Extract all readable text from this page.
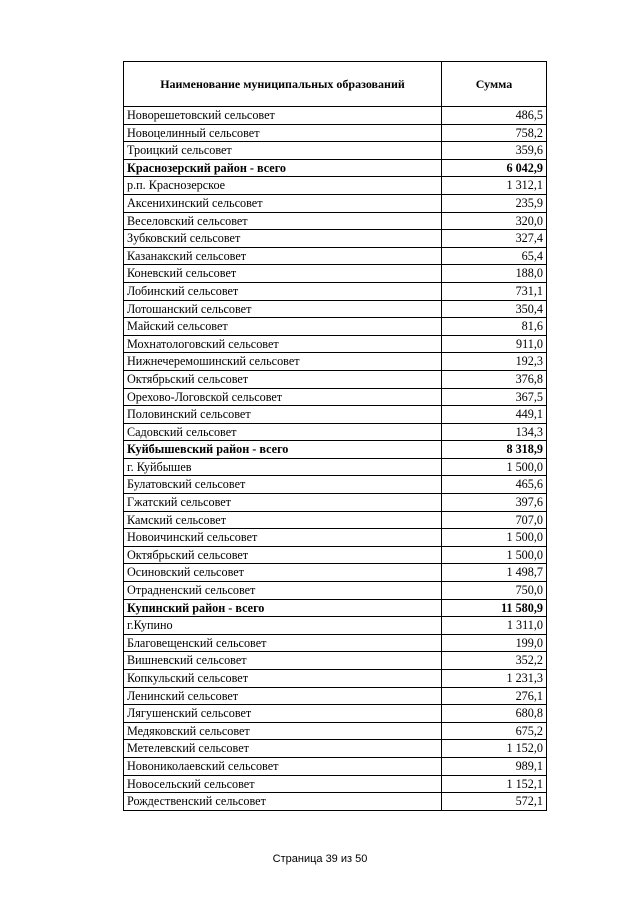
Наименование муниципальных образований	Сумма
Новорешетовский сельсовет	486,5
Новоцелинный сельсовет	758,2
Троицкий сельсовет	359,6
Краснозерский район - всего	6 042,9
р.п. Краснозерское	1 312,1
Аксенихинский сельсовет	235,9
Веселовский сельсовет	320,0
Зубковский сельсовет	327,4
Казанакский сельсовет	65,4
Коневский сельсовет	188,0
Лобинский сельсовет	731,1
Лотошанский сельсовет	350,4
Майский сельсовет	81,6
Мохнатологовский сельсовет	911,0
Нижнечеремошинский сельсовет	192,3
Октябрьский сельсовет	376,8
Орехово-Логовской сельсовет	367,5
Половинский сельсовет	449,1
Садовский сельсовет	134,3
Куйбышевский район - всего	8 318,9
г. Куйбышев	1 500,0
Булатовский сельсовет	465,6
Гжатский сельсовет	397,6
Камский сельсовет	707,0
Новоичинский сельсовет	1 500,0
Октябрьский сельсовет	1 500,0
Осиновский сельсовет	1 498,7
Отрадненский сельсовет	750,0
Купинский район - всего	11 580,9
г.Купино	1 311,0
Благовещенский сельсовет	199,0
Вишневский сельсовет	352,2
Копкульский сельсовет	1 231,3
Ленинский сельсовет	276,1
Лягушенский сельсовет	680,8
Медяковский сельсовет	675,2
Метелевский сельсовет	1 152,0
Новониколаевский сельсовет	989,1
Новосельский сельсовет	1 152,1
Рождественский сельсовет	572,1
Страница 39 из 50
